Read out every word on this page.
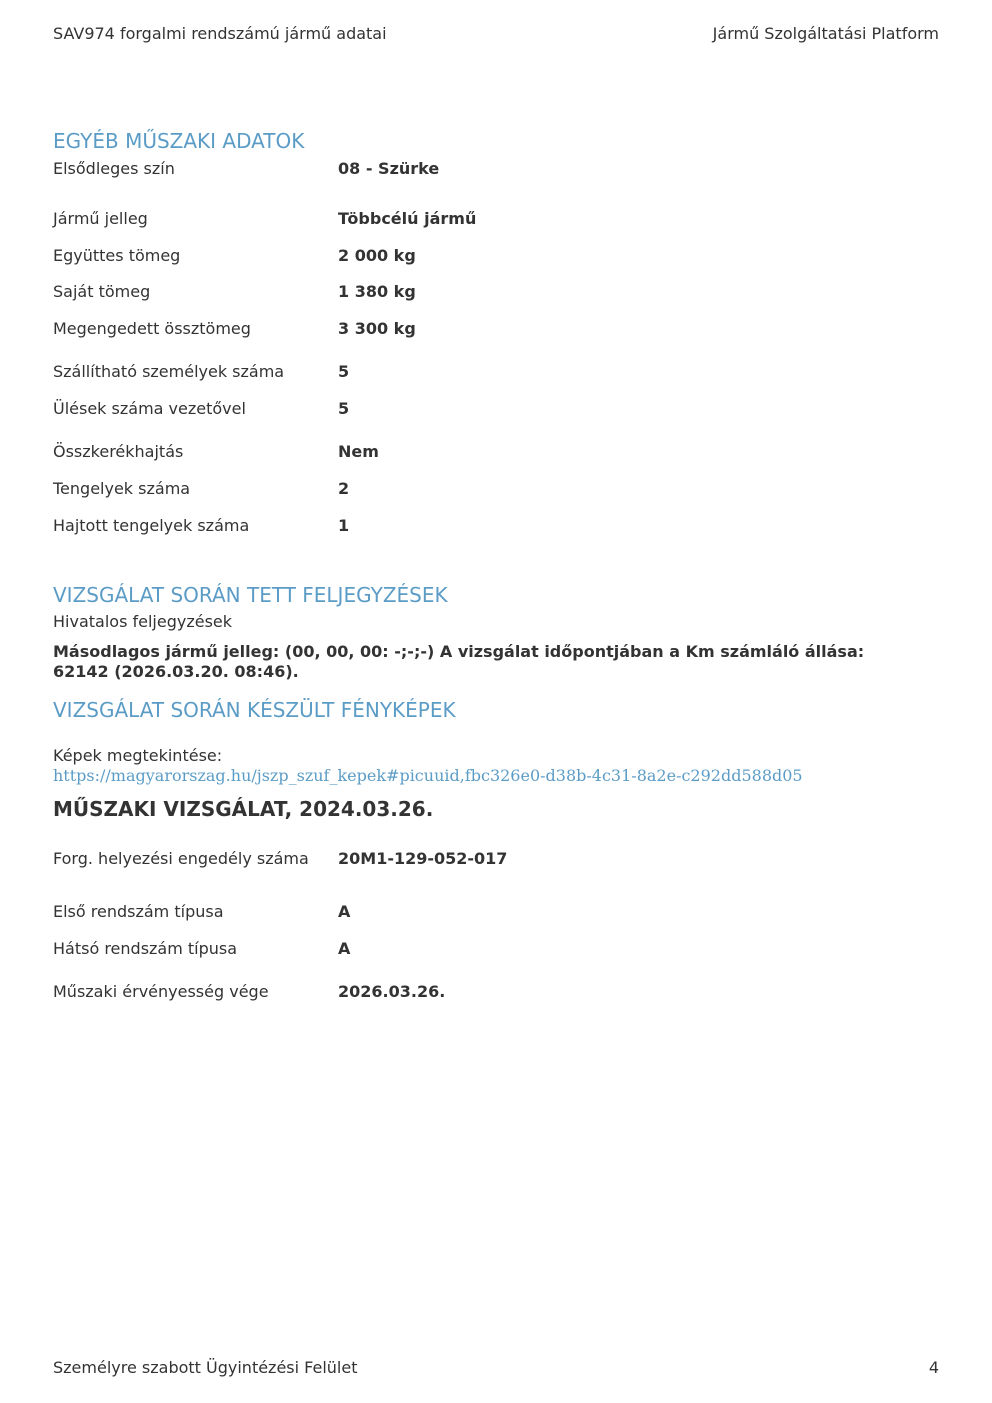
SAV974 forgalmi rendszámú jármű adatai	Jármű Szolgáltatási Platform
EGYÉB MŰSZAKI ADATOK
Elsődleges szín	08 - Szürke
Jármű jelleg	Többcélú jármű
Együttes tömeg	2 000 kg
Saját tömeg	1 380 kg
Megengedett össztömeg	3 300 kg
Szállítható személyek száma	5
Ülések száma vezetővel	5
Összkerékhajtás	Nem
Tengelyek száma	2
Hajtott tengelyek száma	1
VIZSGÁLAT SORÁN TETT FELJEGYZÉSEK
Hivatalos feljegyzések
Másodlagos jármű jelleg: (00, 00, 00: -;-;-) A vizsgálat időpontjában a Km számláló állása:
62142 (2026.03.20. 08:46).
VIZSGÁLAT SORÁN KÉSZÜLT FÉNYKÉPEK
Képek megtekintése:
https://magyarorszag.hu/jszp_szuf_kepek#picuuid,fbc326e0-d38b-4c31-8a2e-c292dd588d05
MŰSZAKI VIZSGÁLAT, 2024.03.26.
Forg. helyezési engedély száma 20M1-129-052-017
Első rendszám típusa	A
Hátsó rendszám típusa	A
Műszaki érvényesség vége	2026.03.26.
Személyre szabott Ügyintézési Felület	4
